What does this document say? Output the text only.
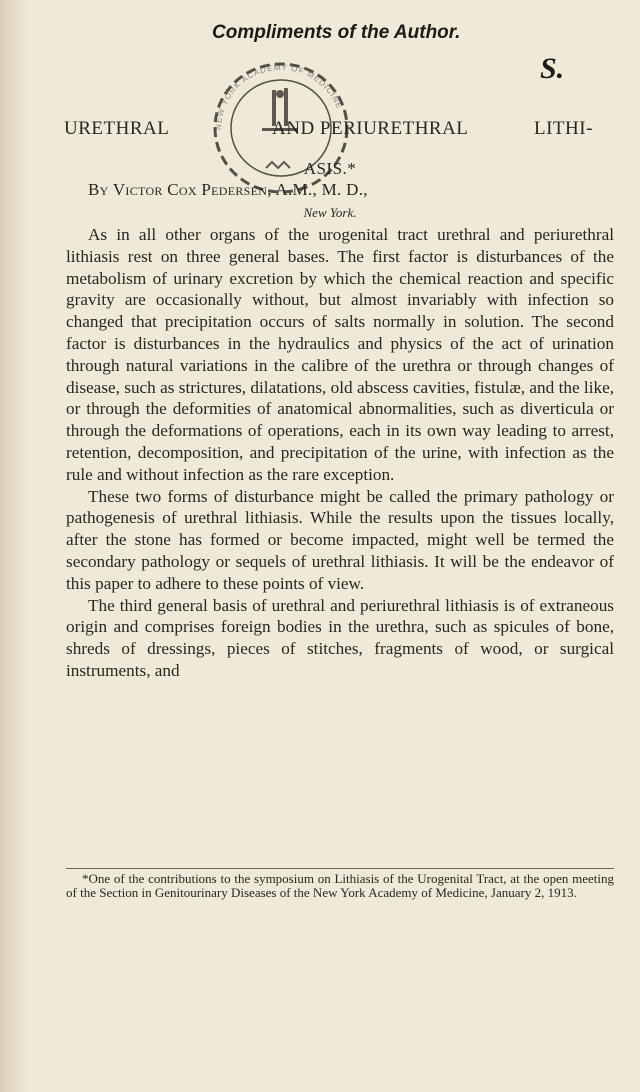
Compliments of the Author.
S.
NEW YORK ACADEMY OF MEDICINE
URETHRAL	AND PERIURETHRAL	LITHI-
ASIS.*
By Victor Cox Pedersen, A.M., M. D.,
New York.

As in all other organs of the urogenital tract urethral and periurethral lithiasis rest on three general bases. The first factor is disturbances of the metabolism of urinary excretion by which the chemical reaction and specific gravity are occasionally without, but almost invariably with infection so changed that precipitation occurs of salts normally in solution. The second factor is disturbances in the hydraulics and physics of the act of urination through natural variations in the calibre of the urethra or through changes of disease, such as strictures, dilatations, old abscess cavities, fistulæ, and the like, or through the deformities of anatomical abnormalities, such as diverticula or through the deformations of operations, each in its own way leading to arrest, retention, decomposition, and precipitation of the urine, with infection as the rule and without infection as the rare exception.

These two forms of disturbance might be called the primary pathology or pathogenesis of urethral lithiasis. While the results upon the tissues locally, after the stone has formed or become impacted, might well be termed the secondary pathology or sequels of urethral lithiasis. It will be the endeavor of this paper to adhere to these points of view.

The third general basis of urethral and periurethral lithiasis is of extraneous origin and comprises foreign bodies in the urethra, such as spicules of bone, shreds of dressings, pieces of stitches, fragments of wood, or surgical instruments, and

*One of the contributions to the symposium on Lithiasis of the Urogenital Tract, at the open meeting of the Section in Genitourinary Diseases of the New York Academy of Medicine, January 2, 1913.
